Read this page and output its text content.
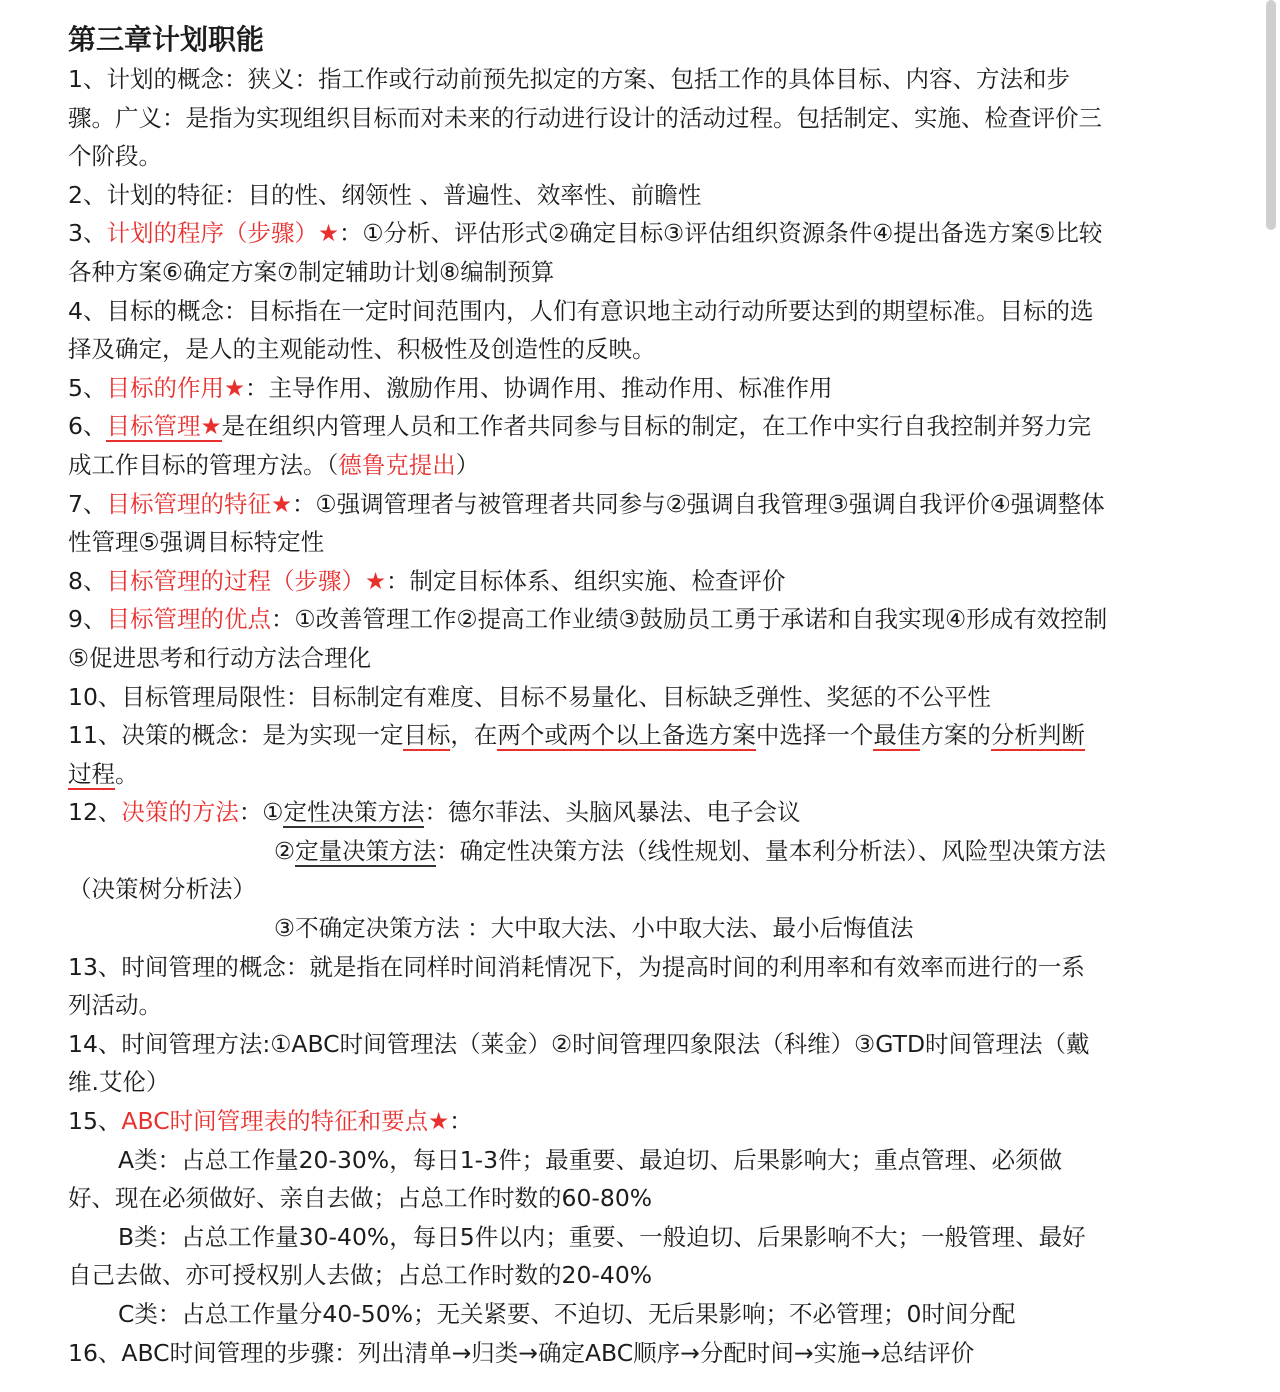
第三章计划职能

1、计划的概念：狭义：指工作或行动前预先拟定的方案、包括工作的具体目标、内容、方法和步骤。广义：是指为实现组织目标而对未来的行动进行设计的活动过程。包括制定、实施、检查评价三个阶段。

2、计划的特征：目的性、纲领性 、普遍性、效率性、前瞻性

3、计划的程序（步骤）★：①分析、评估形式②确定目标③评估组织资源条件④提出备选方案⑤比较各种方案⑥确定方案⑦制定辅助计划⑧编制预算

4、目标的概念：目标指在一定时间范围内，人们有意识地主动行动所要达到的期望标准。目标的选择及确定，是人的主观能动性、积极性及创造性的反映。

5、目标的作用★：主导作用、激励作用、协调作用、推动作用、标准作用

6、目标管理★是在组织内管理人员和工作者共同参与目标的制定，在工作中实行自我控制并努力完成工作目标的管理方法。（德鲁克提出）

7、目标管理的特征★：①强调管理者与被管理者共同参与②强调自我管理③强调自我评价④强调整体性管理⑤强调目标特定性

8、目标管理的过程（步骤）★：制定目标体系、组织实施、检查评价

9、目标管理的优点：①改善管理工作②提高工作业绩③鼓励员工勇于承诺和自我实现④形成有效控制⑤促进思考和行动方法合理化

10、目标管理局限性：目标制定有难度、目标不易量化、目标缺乏弹性、奖惩的不公平性

11、决策的概念：是为实现一定目标，在两个或两个以上备选方案中选择一个最佳方案的分析判断过程。

12、决策的方法：①定性决策方法：德尔菲法、头脑风暴法、电子会议

②定量决策方法：确定性决策方法（线性规划、量本利分析法）、风险型决策方法（决策树分析法）

③不确定决策方法 ：大中取大法、小中取大法、最小后悔值法

13、时间管理的概念：就是指在同样时间消耗情况下，为提高时间的利用率和有效率而进行的一系列活动。

14、时间管理方法:①ABC时间管理法（莱金）②时间管理四象限法（科维）③GTD时间管理法（戴维.艾伦）

15、ABC时间管理表的特征和要点★：

A类：占总工作量20-30%，每日1-3件；最重要、最迫切、后果影响大；重点管理、必须做好、现在必须做好、亲自去做；占总工作时数的60-80%

B类：占总工作量30-40%，每日5件以内；重要、一般迫切、后果影响不大；一般管理、最好自己去做、亦可授权别人去做；占总工作时数的20-40%

C类：占总工作量分40-50%；无关紧要、不迫切、无后果影响；不必管理；0时间分配

16、ABC时间管理的步骤：列出清单→归类→确定ABC顺序→分配时间→实施→总结评价
